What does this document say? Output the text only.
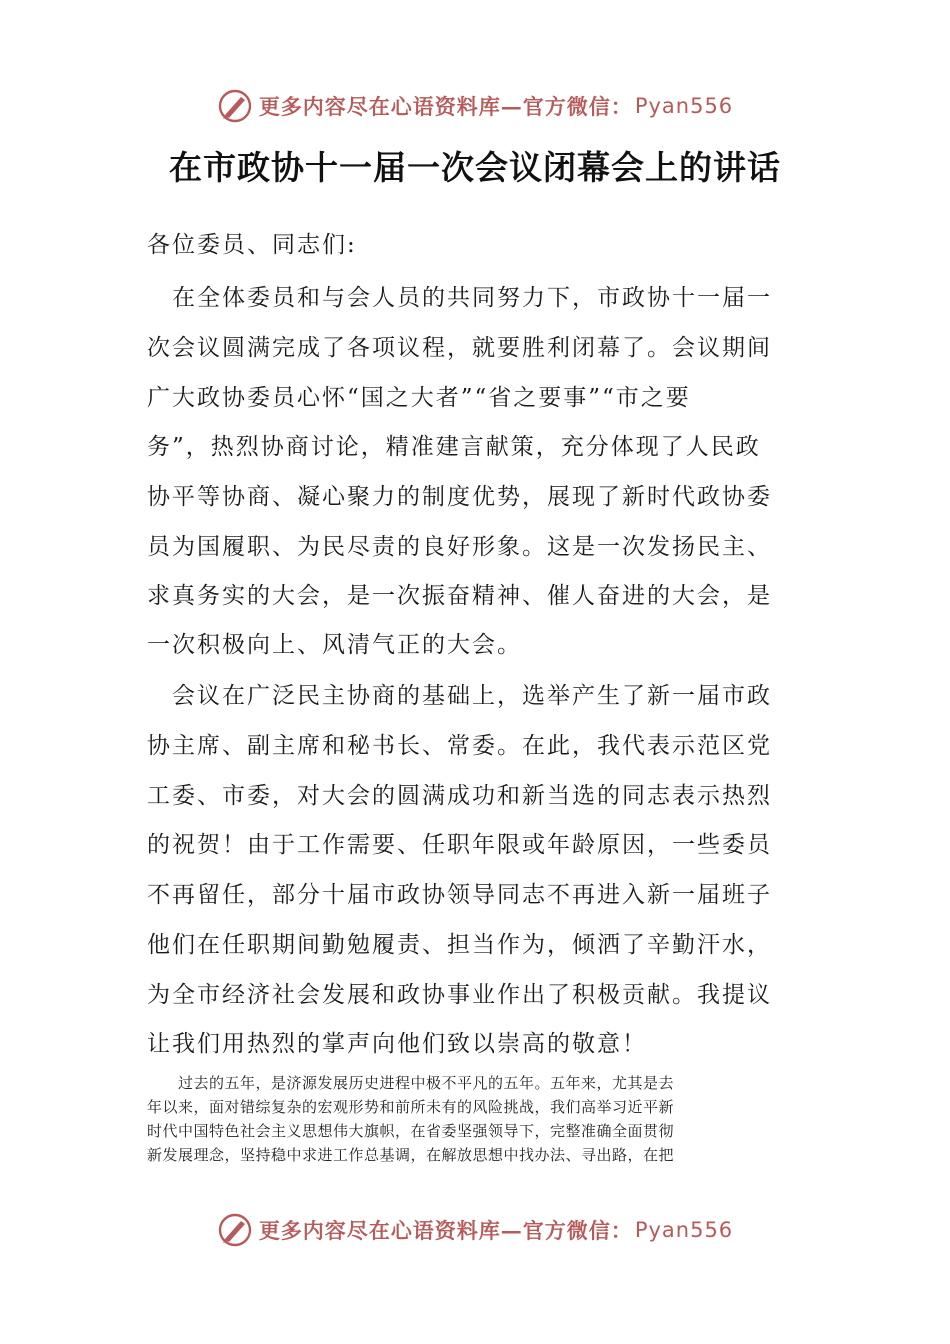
更多内容尽在心语资料库—官方微信： Pyan556
在市政协十一届一次会议闭幕会上的讲话
各位委员、同志们:
　在全体委员和与会人员的共同努力下，市政协十一届一
次会议圆满完成了各项议程，就要胜利闭幕了。会议期间
广大政协委员心怀“国之大者”“省之要事”“市之要
务”，热烈协商讨论，精准建言献策，充分体现了人民政
协平等协商、凝心聚力的制度优势，展现了新时代政协委
员为国履职、为民尽责的良好形象。这是一次发扬民主、
求真务实的大会，是一次振奋精神、催人奋进的大会，是
一次积极向上、风清气正的大会。
　会议在广泛民主协商的基础上，选举产生了新一届市政
协主席、副主席和秘书长、常委。在此，我代表示范区党
工委、市委，对大会的圆满成功和新当选的同志表示热烈
的祝贺！由于工作需要、任职年限或年龄原因，一些委员
不再留任，部分十届市政协领导同志不再进入新一届班子
他们在任职期间勤勉履责、担当作为，倾洒了辛勤汗水，
为全市经济社会发展和政协事业作出了积极贡献。我提议
让我们用热烈的掌声向他们致以崇高的敬意！
　　过去的五年，是济源发展历史进程中极不平凡的五年。五年来，尤其是去
年以来，面对错综复杂的宏观形势和前所未有的风险挑战，我们高举习近平新
时代中国特色社会主义思想伟大旗帜，在省委坚强领导下，完整准确全面贯彻
新发展理念，坚持稳中求进工作总基调，在解放思想中找办法、寻出路，在把
更多内容尽在心语资料库—官方微信： Pyan556
